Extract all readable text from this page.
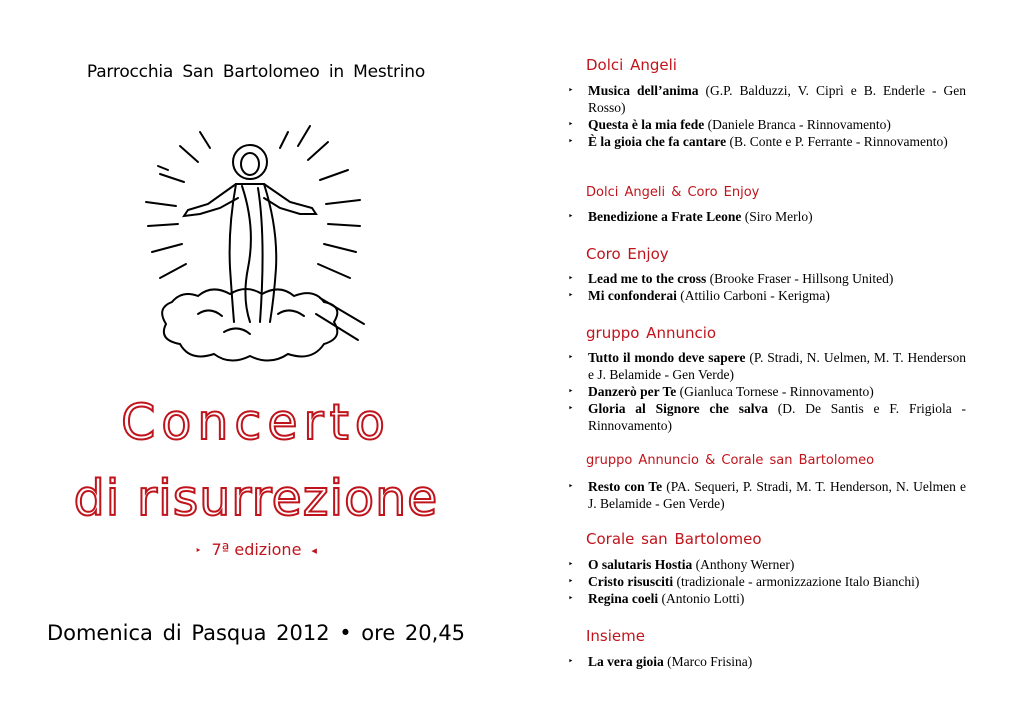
Parrocchia San Bartolomeo in Mestrino
Concerto
di risurrezione
‣ 7ª edizione ◂
Domenica di Pasqua 2012 • ore 20,45
Dolci Angeli
‣ Musica dell’anima (G.P. Balduzzi, V. Ciprì e B. Enderle - Gen Rosso)
‣ Questa è la mia fede (Daniele Branca - Rinnovamento)
‣ È la gioia che fa cantare (B. Conte e P. Ferrante - Rinnovamento)
Dolci Angeli & Coro Enjoy
‣ Benedizione a Frate Leone (Siro Merlo)
Coro Enjoy
‣ Lead me to the cross (Brooke Fraser - Hillsong United)
‣ Mi confonderai (Attilio Carboni - Kerigma)
gruppo Annuncio
‣ Tutto il mondo deve sapere (P. Stradi, N. Uelmen, M. T. Henderson e J. Belamide - Gen Verde)
‣ Danzerò per Te (Gianluca Tornese - Rinnovamento)
‣ Gloria al Signore che salva (D. De Santis e F. Frigiola - Rinnovamento)
gruppo Annuncio & Corale san Bartolomeo
‣ Resto con Te (PA. Sequeri, P. Stradi, M. T. Henderson, N. Uelmen e J. Belamide - Gen Verde)
Corale san Bartolomeo
‣ O salutaris Hostia (Anthony Werner)
‣ Cristo risusciti (tradizionale - armonizzazione Italo Bianchi)
‣ Regina coeli (Antonio Lotti)
Insieme
‣ La vera gioia (Marco Frisina)
